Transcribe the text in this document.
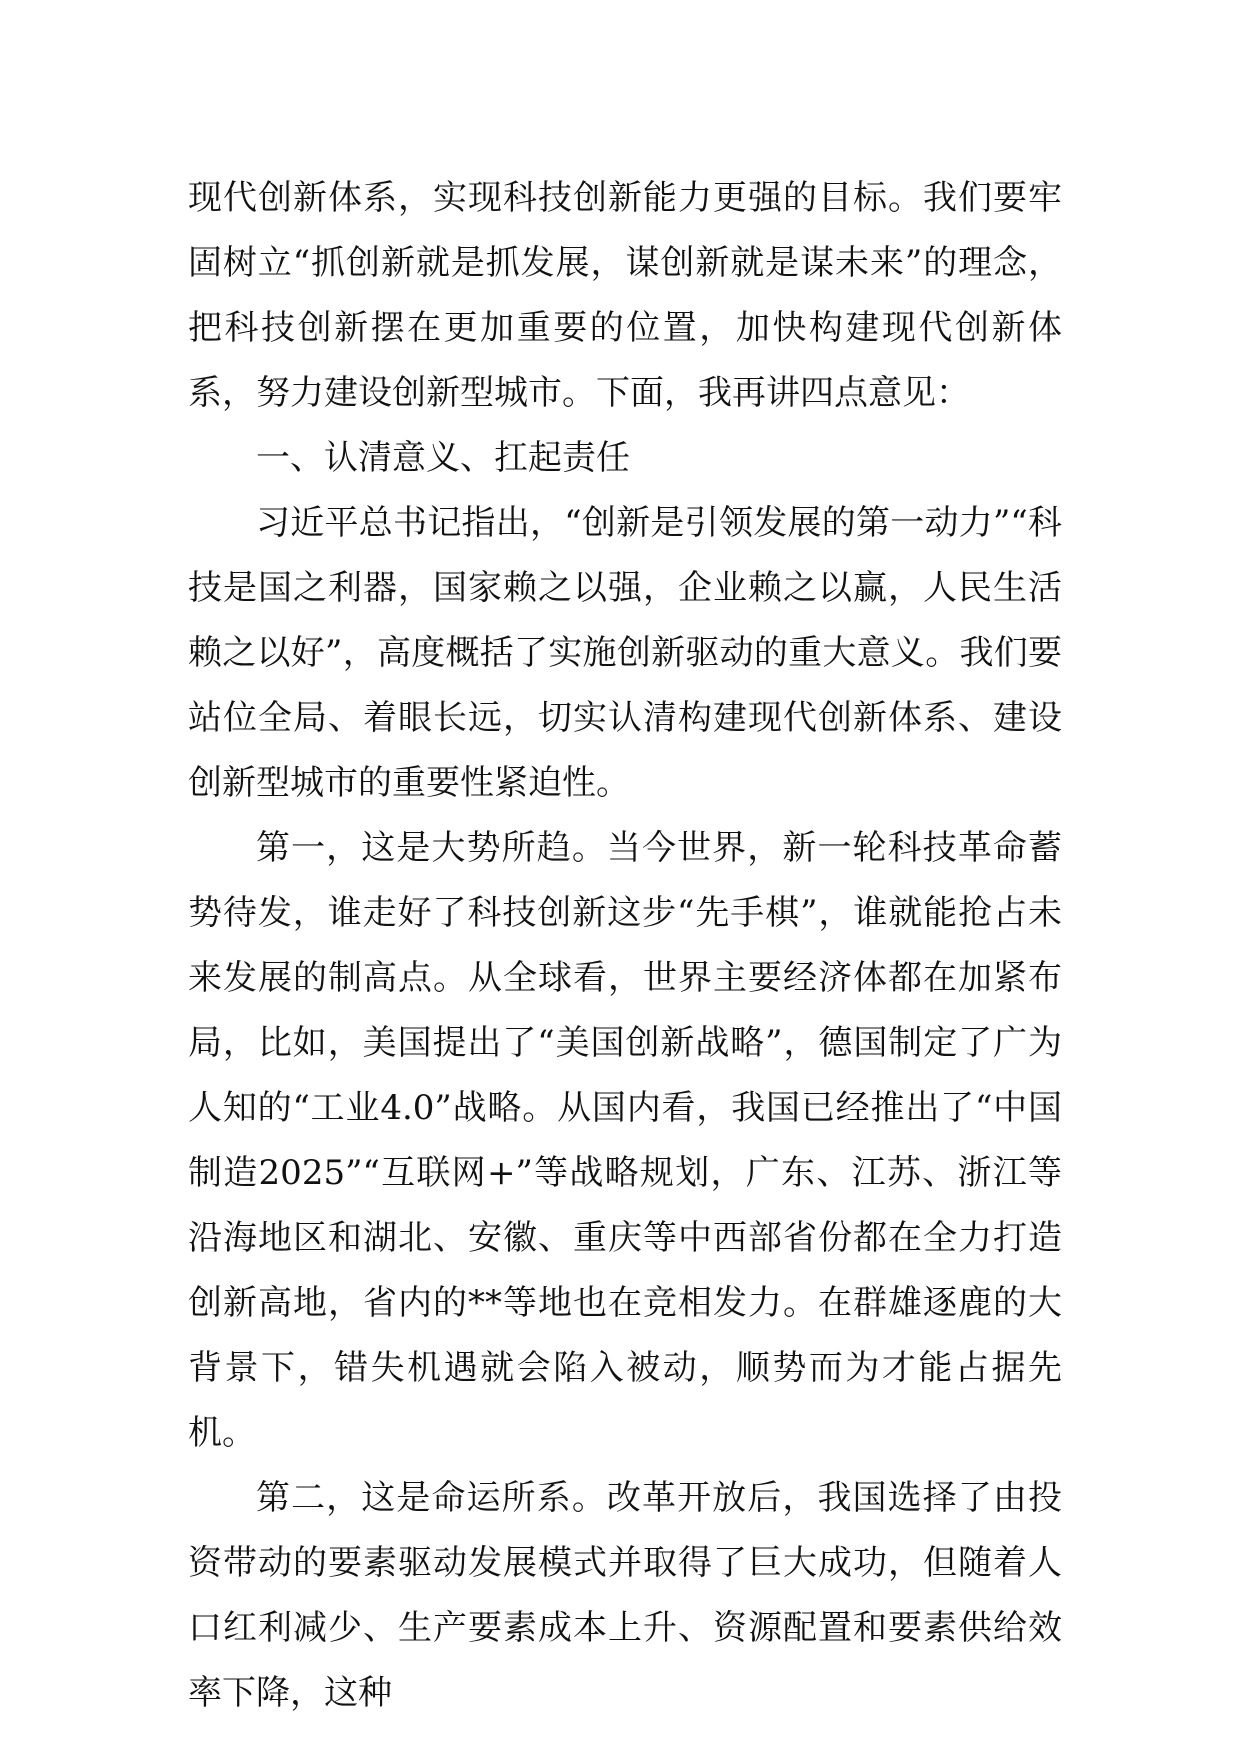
现代创新体系，实现科技创新能力更强的目标。我们要牢固树立“抓创新就是抓发展，谋创新就是谋未来”的理念，把科技创新摆在更加重要的位置，加快构建现代创新体系，努力建设创新型城市。下面，我再讲四点意见：

一、认清意义、扛起责任

习近平总书记指出，“创新是引领发展的第一动力”“科技是国之利器，国家赖之以强，企业赖之以赢，人民生活赖之以好”，高度概括了实施创新驱动的重大意义。我们要站位全局、着眼长远，切实认清构建现代创新体系、建设创新型城市的重要性紧迫性。

第一，这是大势所趋。当今世界，新一轮科技革命蓄势待发，谁走好了科技创新这步“先手棋”，谁就能抢占未来发展的制高点。从全球看，世界主要经济体都在加紧布局，比如，美国提出了“美国创新战略”，德国制定了广为人知的“工业4.0”战略。从国内看，我国已经推出了“中国制造2025”“互联网+”等战略规划，广东、江苏、浙江等沿海地区和湖北、安徽、重庆等中西部省份都在全力打造创新高地，省内的**等地也在竞相发力。在群雄逐鹿的大背景下，错失机遇就会陷入被动，顺势而为才能占据先机。

第二，这是命运所系。改革开放后，我国选择了由投资带动的要素驱动发展模式并取得了巨大成功，但随着人口红利减少、生产要素成本上升、资源配置和要素供给效率下降，这种
